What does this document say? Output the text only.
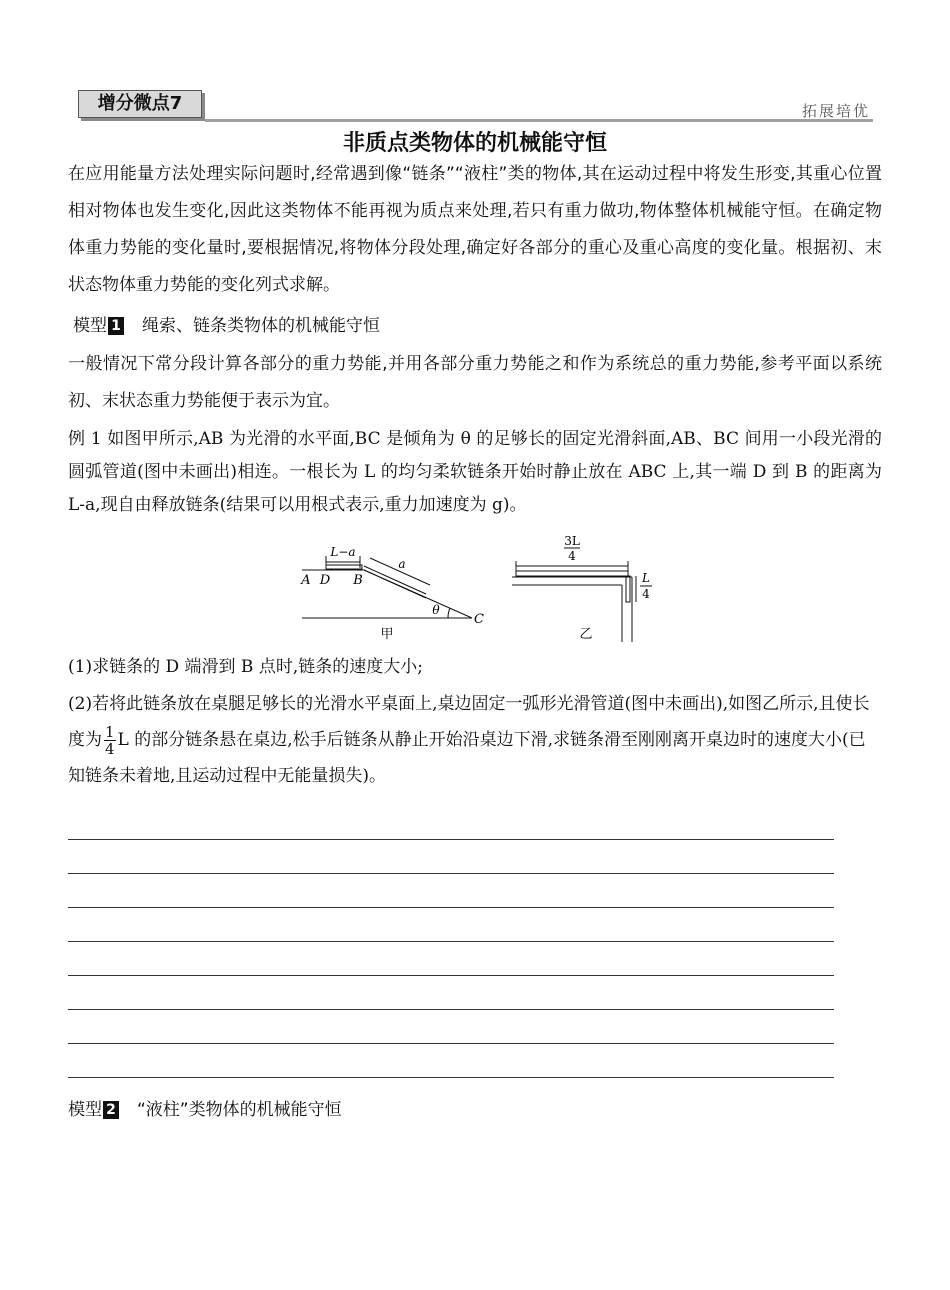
增分微点7	拓展培优
非质点类物体的机械能守恒

在应用能量方法处理实际问题时,经常遇到像“链条”“液柱”类的物体,其在运动过程中将发生形变,其重心位置相对物体也发生变化,因此这类物体不能再视为质点来处理,若只有重力做功,物体整体机械能守恒。在确定物体重力势能的变化量时,要根据情况,将物体分段处理,确定好各部分的重心及重心高度的变化量。根据初、末状态物体重力势能的变化列式求解。

模型 1 绳索、链条类物体的机械能守恒

一般情况下常分段计算各部分的重力势能,并用各部分重力势能之和作为系统总的重力势能,参考平面以系统初、末状态重力势能便于表示为宜。

例 1 如图甲所示,AB 为光滑的水平面,BC 是倾角为 θ 的足够长的固定光滑斜面,AB、BC 间用一小段光滑的圆弧管道(图中未画出)相连。一根长为 L 的均匀柔软链条开始时静止放在 ABC 上,其一端 D 到 B 的距离为 L-a,现自由释放链条(结果可以用根式表示,重力加速度为 g)。

L−a
a
θ
A D B
C
甲
3L
4
L
4
乙

(1)求链条的 D 端滑到 B 点时,链条的速度大小;

(2)若将此链条放在桌腿足够长的光滑水平桌面上,桌边固定一弧形光滑管道(图中未画出),如图乙所示,且使长度为 $\frac{1}{4}$ L 的部分链条悬在桌边,松手后链条从静止开始沿桌边下滑,求链条滑至刚刚离开桌边时的速度大小(已知链条未着地,且运动过程中无能量损失)。

模型 2 “液柱”类物体的机械能守恒
